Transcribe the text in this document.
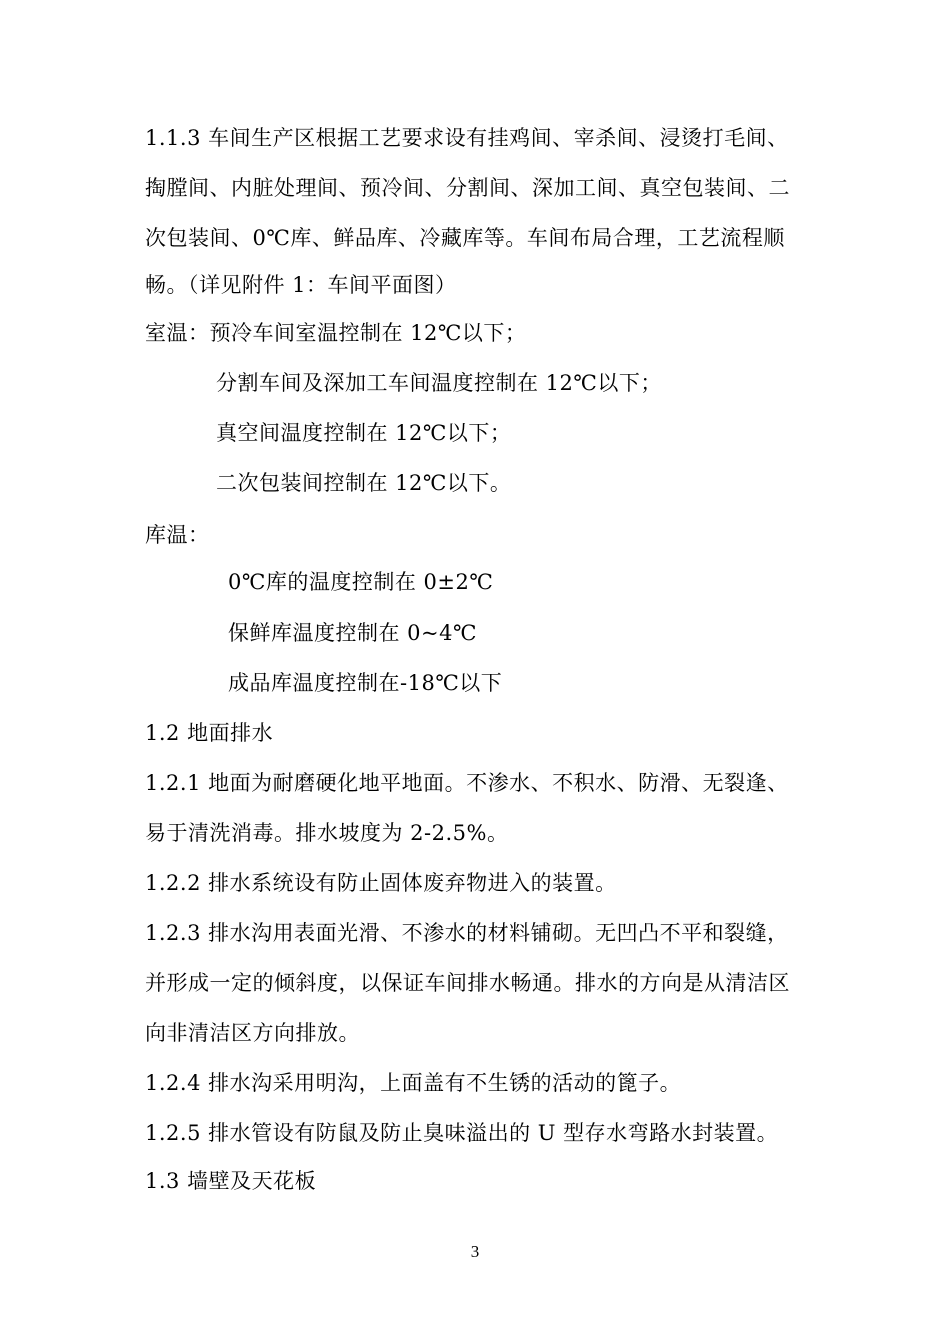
1.1.3 车间生产区根据工艺要求设有挂鸡间、宰杀间、浸烫打毛间、
掏膛间、内脏处理间、预冷间、分割间、深加工间、真空包装间、二
次包装间、0℃库、鲜品库、冷藏库等。车间布局合理，工艺流程顺
畅。（详见附件 1：车间平面图）
室温：预冷车间室温控制在 12℃以下；
分割车间及深加工车间温度控制在 12℃以下；
真空间温度控制在 12℃以下；
二次包装间控制在 12℃以下。
库温：
0℃库的温度控制在 0±2℃
保鲜库温度控制在 0~4℃
成品库温度控制在-18℃以下
1.2 地面排水
1.2.1 地面为耐磨硬化地平地面。不渗水、不积水、防滑、无裂逢、
易于清洗消毒。排水坡度为 2-2.5%。
1.2.2 排水系统设有防止固体废弃物进入的装置。
1.2.3 排水沟用表面光滑、不渗水的材料铺砌。无凹凸不平和裂缝，
并形成一定的倾斜度，以保证车间排水畅通。排水的方向是从清洁区
向非清洁区方向排放。
1.2.4 排水沟采用明沟，上面盖有不生锈的活动的篦子。
1.2.5 排水管设有防鼠及防止臭味溢出的 U 型存水弯路水封装置。
1.3 墙壁及天花板
3
